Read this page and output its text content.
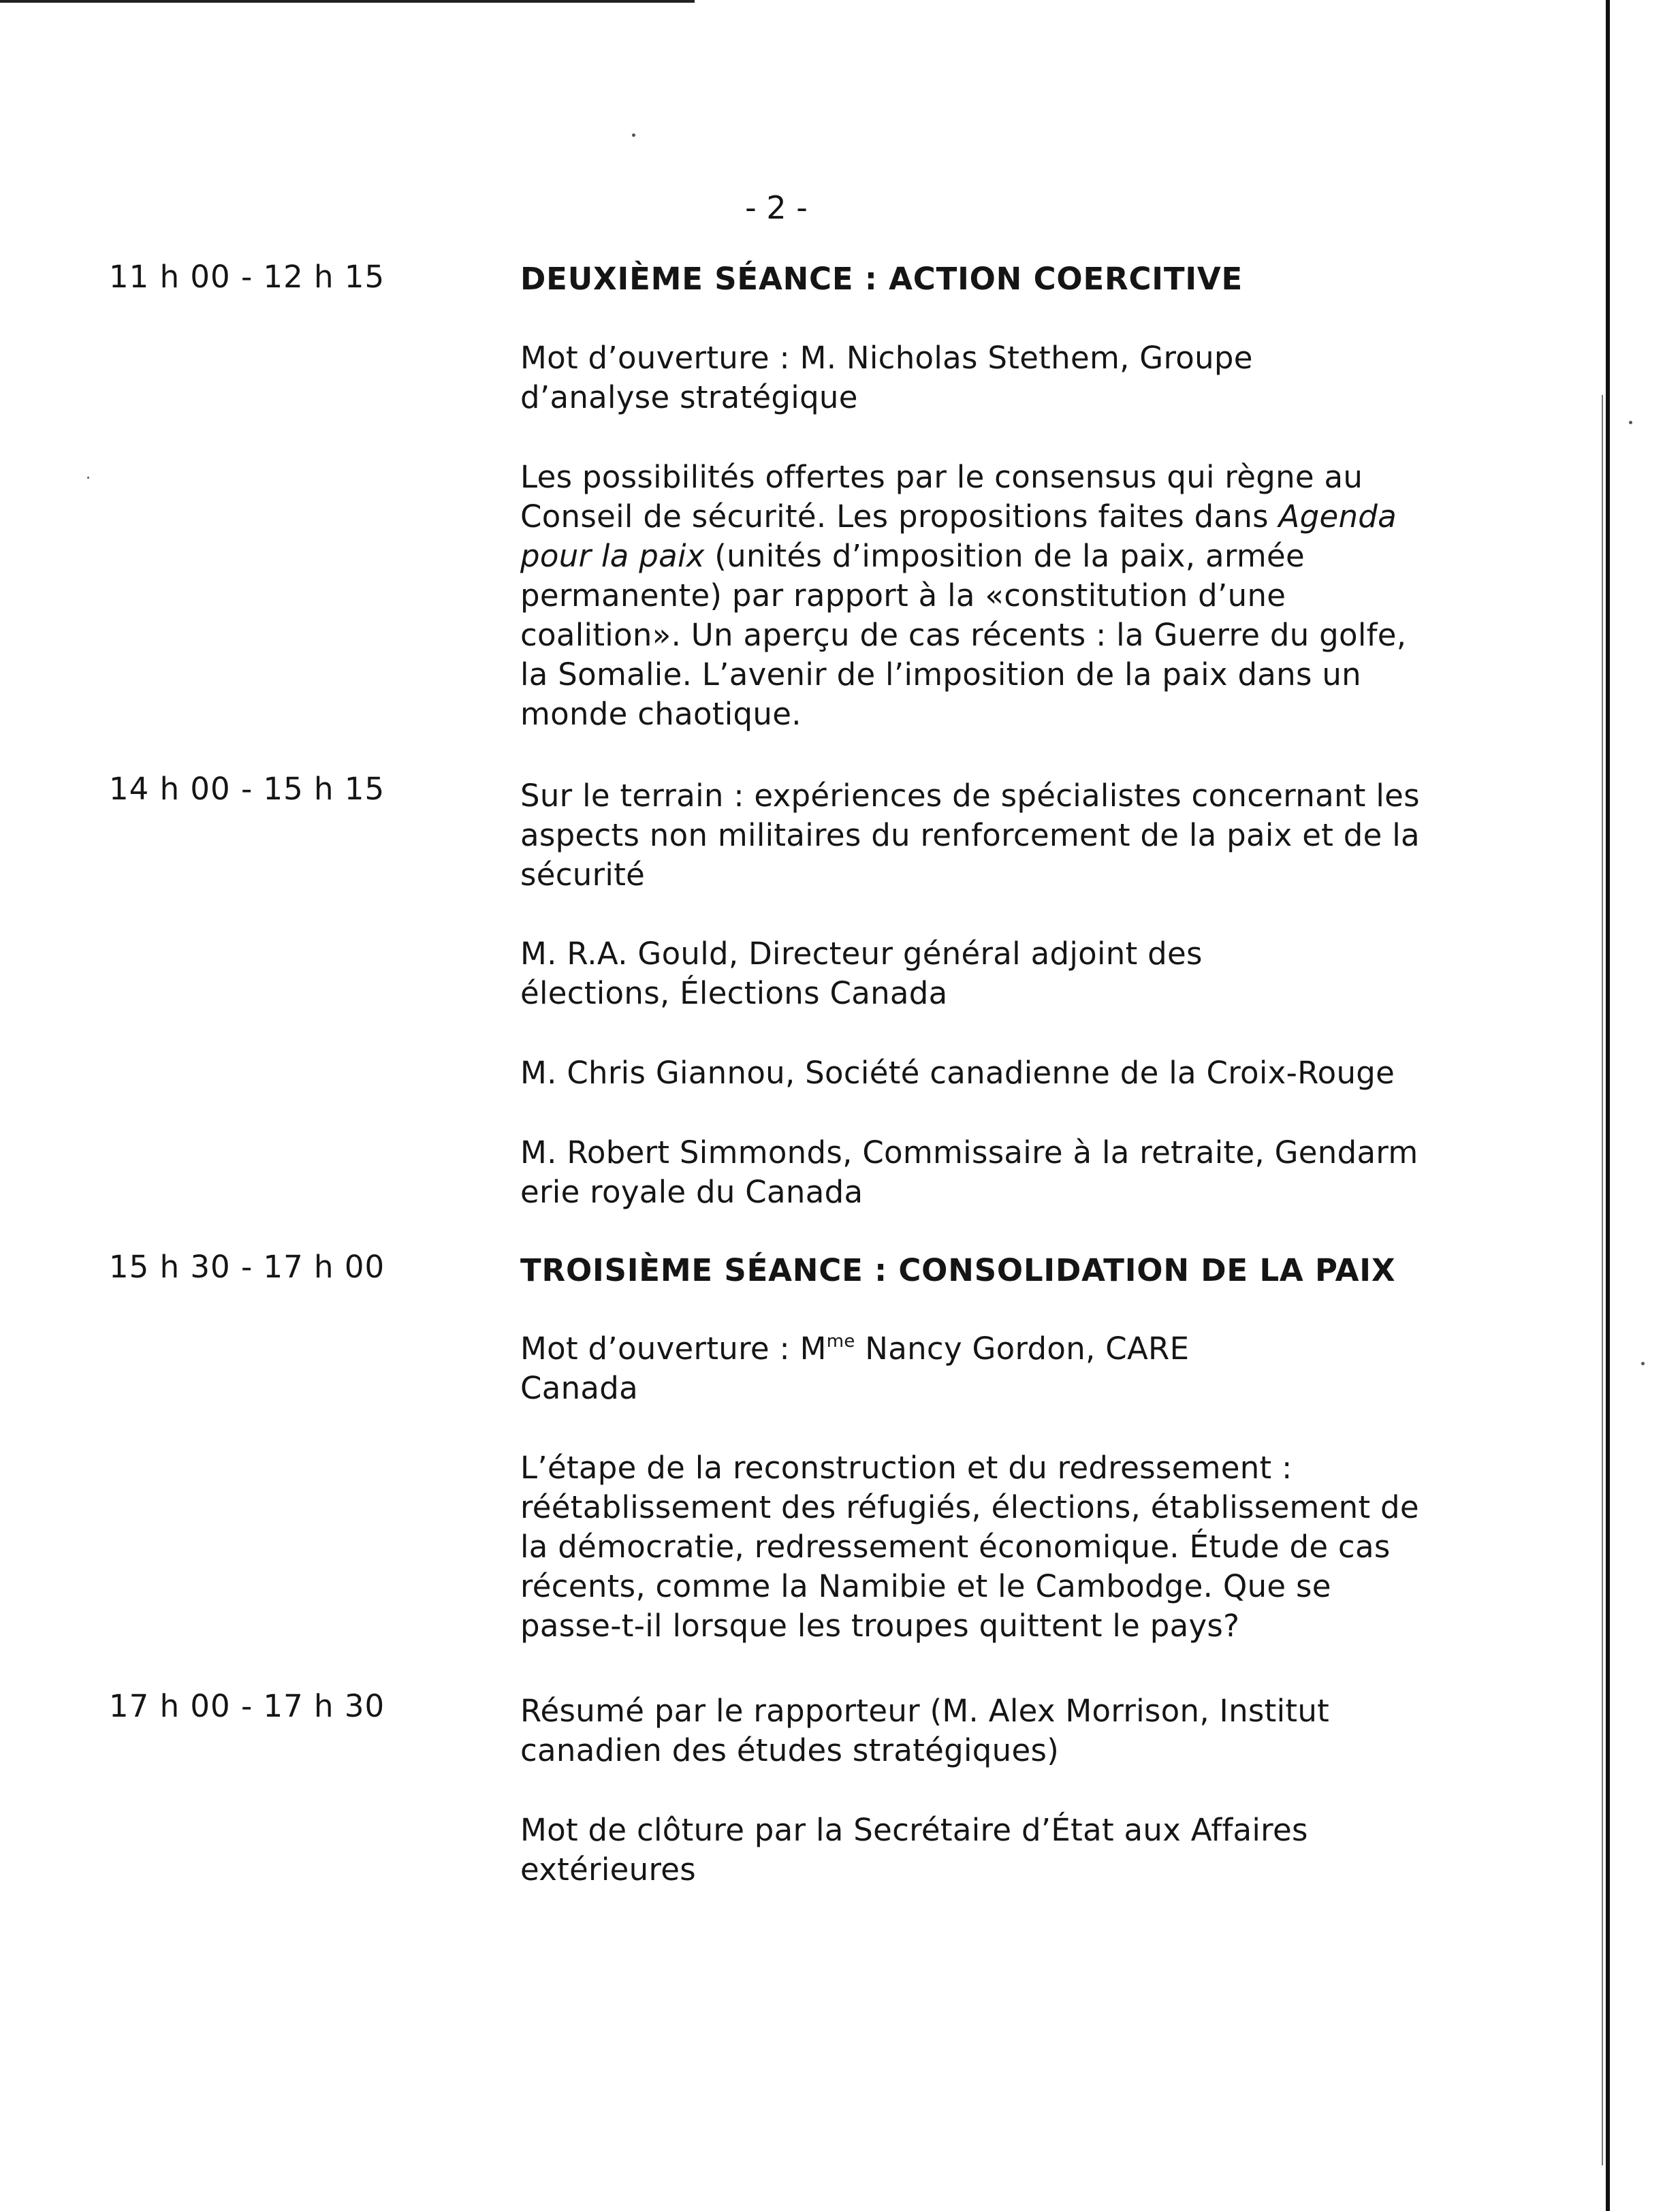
- 2 -
11 h 00 - 12 h 15
14 h 00 - 15 h 15
15 h 30 - 17 h 00
17 h 00 - 17 h 30
DEUXIÈME SÉANCE : ACTION COERCITIVE
Mot d’ouverture : M. Nicholas Stethem, Groupe
d’analyse stratégique
Les possibilités offertes par le consensus qui règne au
Conseil de sécurité. Les propositions faites dans Agenda
pour la paix (unités d’imposition de la paix, armée
permanente) par rapport à la «constitution d’une
coalition». Un aperçu de cas récents : la Guerre du golfe,
la Somalie. L’avenir de l’imposition de la paix dans un
monde chaotique.
Sur le terrain : expériences de spécialistes concernant les
aspects non militaires du renforcement de la paix et de la
sécurité
M. R.A. Gould, Directeur général adjoint des
élections, Élections Canada
M. Chris Giannou, Société canadienne de la Croix-Rouge
M. Robert Simmonds, Commissaire à la retraite, Gendarm
erie royale du Canada
TROISIÈME SÉANCE : CONSOLIDATION DE LA PAIX
Mot d’ouverture : $M^{me}$ Nancy Gordon, CARE
Canada
L’étape de la reconstruction et du redressement :
réétablissement des réfugiés, élections, établissement de
la démocratie, redressement économique. Étude de cas
récents, comme la Namibie et le Cambodge. Que se
passe-t-il lorsque les troupes quittent le pays?
Résumé par le rapporteur (M. Alex Morrison, Institut
canadien des études stratégiques)
Mot de clôture par la Secrétaire d’État aux Affaires
extérieures
